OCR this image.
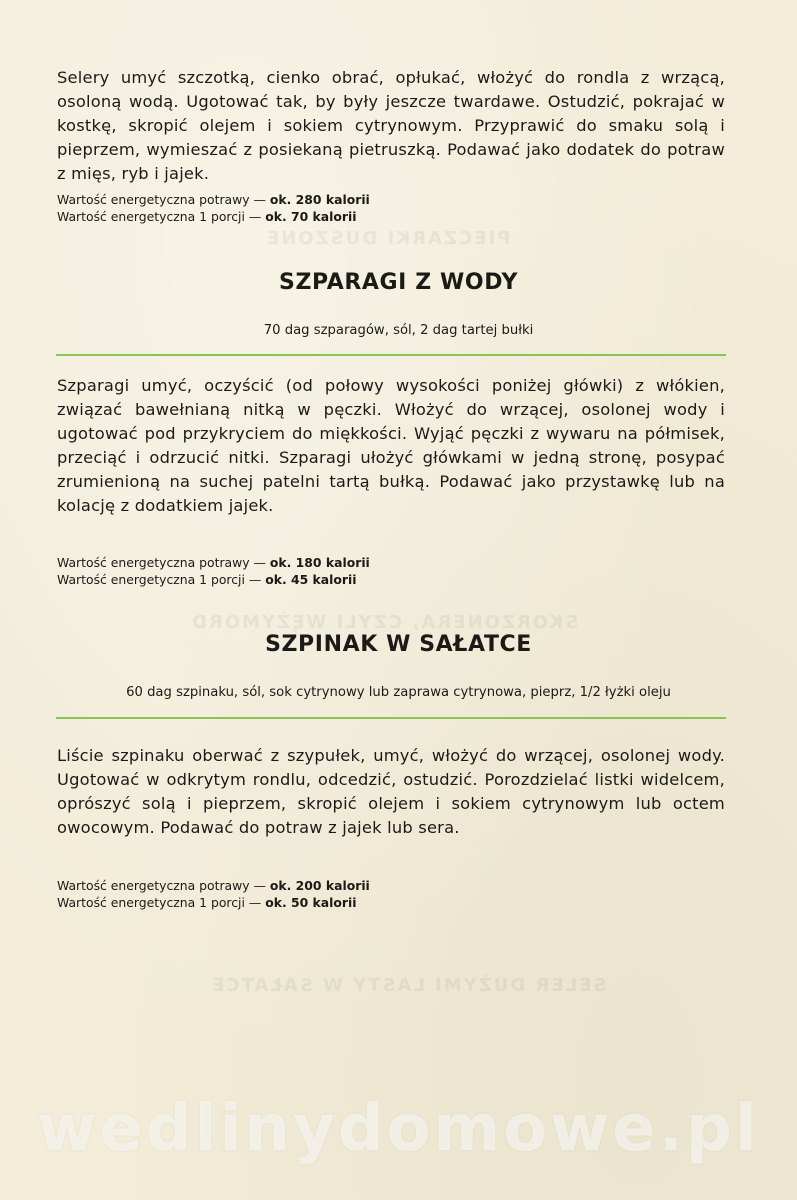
PIECZARKI DUSZONE
SKORZONERA, CZYLI WĘŻYMORD
SELER DUŻYMI LASTY W SAŁATCE

Selery umyć szczotką, cienko obrać, opłukać, włożyć do rondla z wrzącą, osoloną wodą. Ugotować tak, by były jeszcze twardawe. Ostudzić, pokrajać w kostkę, skropić olejem i sokiem cytrynowym. Przyprawić do smaku solą i pieprzem, wymieszać z posiekaną pietruszką. Podawać jako dodatek do potraw z mięs, ryb i jajek.

Wartość energetyczna potrawy — ok. 280 kalorii

Wartość energetyczna 1 porcji — ok. 70 kalorii

SZPARAGI Z WODY

70 dag szparagów, sól, 2 dag tartej bułki

Szparagi umyć, oczyścić (od połowy wysokości poniżej główki) z włókien, związać bawełnianą nitką w pęczki. Włożyć do wrzącej, osolonej wody i ugotować pod przykryciem do miękkości. Wyjąć pęczki z wywaru na półmisek, przeciąć i odrzucić nitki. Szparagi ułożyć główkami w jedną stronę, posypać zrumienioną na suchej patelni tartą bułką. Podawać jako przystawkę lub na kolację z dodatkiem jajek.

Wartość energetyczna potrawy — ok. 180 kalorii

Wartość energetyczna 1 porcji — ok. 45 kalorii

SZPINAK W SAŁATCE

60 dag szpinaku, sól, sok cytrynowy lub zaprawa cytrynowa, pieprz, 1/2 łyżki oleju

Liście szpinaku oberwać z szypułek, umyć, włożyć do wrzącej, osolonej wody. Ugotować w odkrytym rondlu, odcedzić, ostudzić. Porozdzielać listki widelcem, oprószyć solą i pieprzem, skropić olejem i sokiem cytrynowym lub octem owocowym. Podawać do potraw z jajek lub sera.

Wartość energetyczna potrawy — ok. 200 kalorii

Wartość energetyczna 1 porcji — ok. 50 kalorii

wedlinydomowe.pl
